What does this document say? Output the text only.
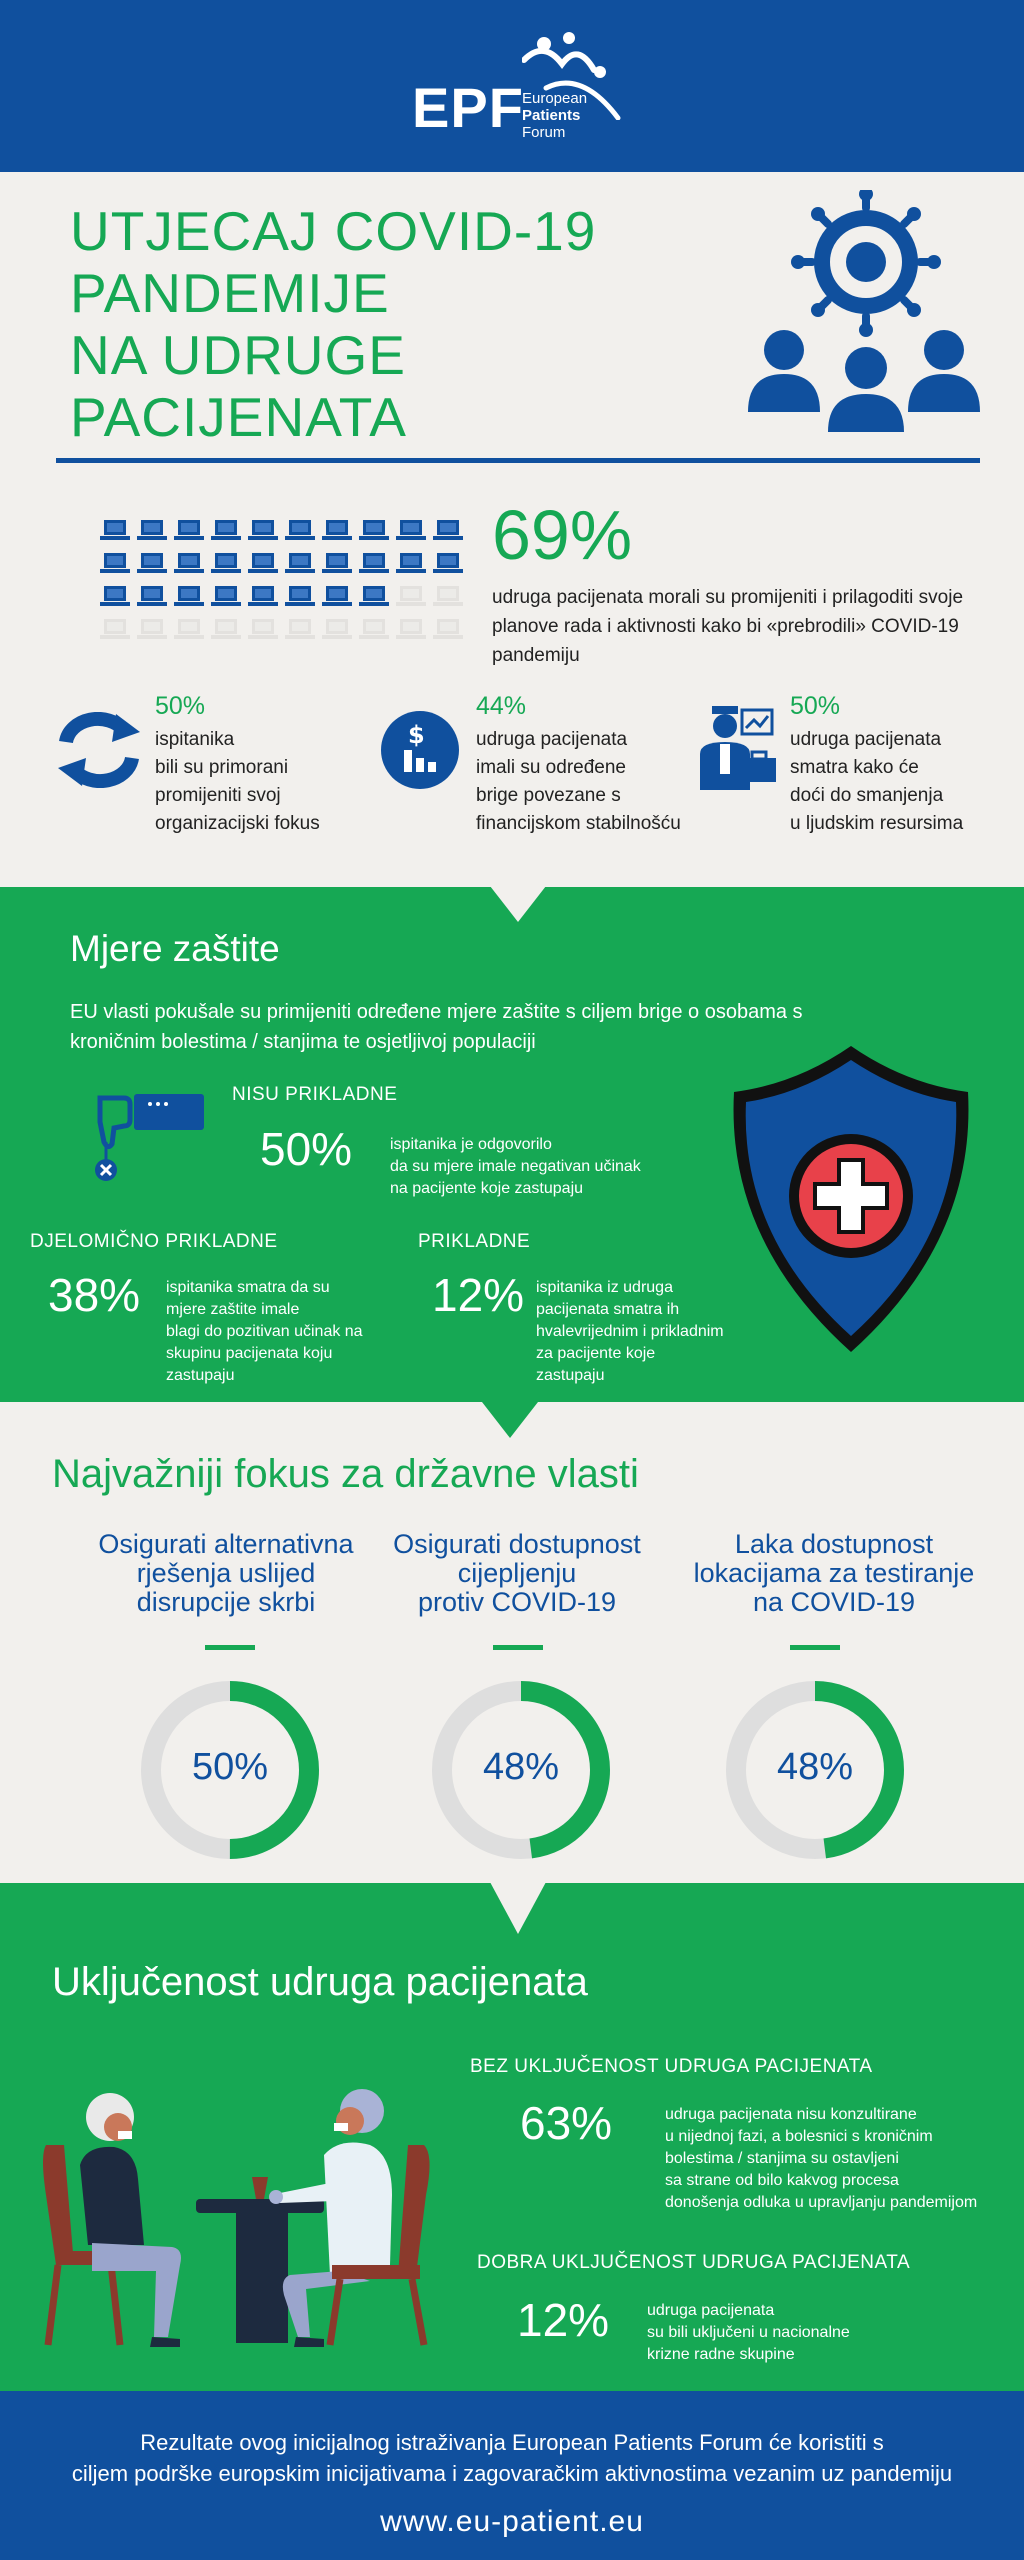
EPF
European
Patients
Forum
UTJECAJ COVID-19
PANDEMIJE
NA UDRUGE
PACIJENATA
69%
udruga pacijenata morali su promijeniti i prilagoditi svoje planove rada i aktivnosti kako bi «prebrodili» COVID-19 pandemiju
50%
ispitanika
bili su primorani
promijeniti svoj
organizacijski fokus
$
44%
udruga pacijenata
imali su određene
brige povezane s
financijskom stabilnošću
50%
udruga pacijenata
smatra kako će
doći do smanjenja
u ljudskim resursima
Mjere zaštite
EU vlasti pokušale su primijeniti određene mjere zaštite s ciljem brige o osobama s kroničnim bolestima / stanjima te osjetljivoj populaciji
NISU PRIKLADNE
50% ispitanika je odgovorilo
da su mjere imale negativan učinak
na pacijente koje zastupaju
DJELOMIČNO PRIKLADNE
38% ispitanika smatra da su
mjere zaštite imale
blagi do pozitivan učinak na
skupinu pacijenata koju
zastupaju
PRIKLADNE
12% ispitanika iz udruga
pacijenata smatra ih
hvalevrijednim i prikladnim
za pacijente koje
zastupaju
Najvažniji fokus za državne vlasti
Osigurati alternativna
rješenja uslijed
disrupcije skrbi
Osigurati dostupnost
cijepljenju
protiv COVID-19
Laka dostupnost
lokacijama za testiranje
na COVID-19
50%	48%	48%
Uključenost udruga pacijenata
BEZ UKLJUČENOST UDRUGA PACIJENATA
63%	udruga pacijenata nisu konzultirane
u nijednoj fazi, a bolesnici s kroničnim
bolestima / stanjima su ostavljeni
sa strane od bilo kakvog procesa
donošenja odluka u upravljanju pandemijom
DOBRA UKLJUČENOST UDRUGA PACIJENATA
12% udruga pacijenata
su bili uključeni u nacionalne
krizne radne skupine
Rezultate ovog inicijalnog istraživanja European Patients Forum će koristiti s
ciljem podrške europskim inicijativama i zagovaračkim aktivnostima vezanim uz pandemiju
www.eu-patient.eu
